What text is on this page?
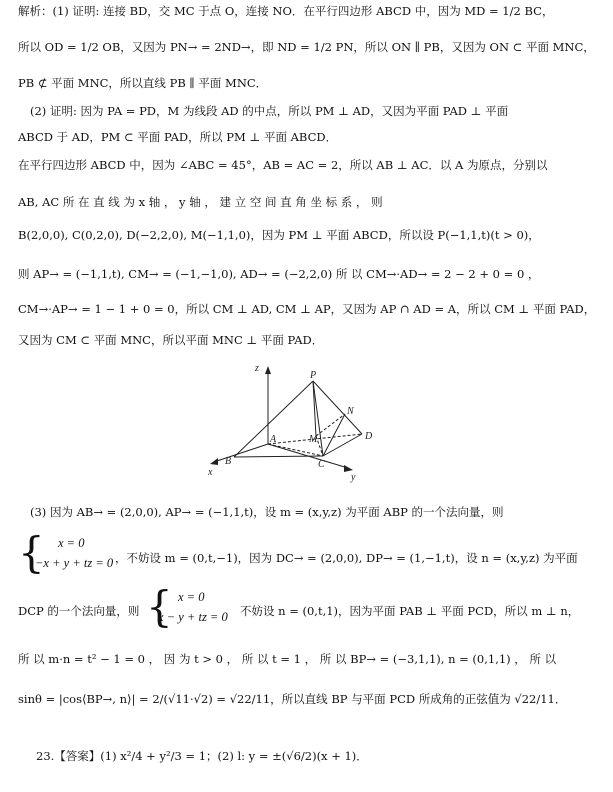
解析：(1) 证明: 连接 BD，交 MC 于点 O，连接 NO．在平行四边形 ABCD 中，因为 MD = 1/2 BC，
所以 OD = 1/2 OB，又因为 PN→ = 2ND→，即 ND = 1/2 PN，所以 ON ∥ PB，又因为 ON ⊂ 平面 MNC，
PB ⊄ 平面 MNC，所以直线 PB ∥ 平面 MNC．
(2) 证明: 因为 PA = PD，M 为线段 AD 的中点，所以 PM ⊥ AD，又因为平面 PAD ⊥ 平面
ABCD 于 AD，PM ⊂ 平面 PAD，所以 PM ⊥ 平面 ABCD．
在平行四边形 ABCD 中，因为 ∠ABC = 45°，AB = AC = 2，所以 AB ⊥ AC．以 A 为原点，分别以
AB, AC 所 在 直 线 为 x 轴 ， y 轴 ， 建 立 空 间 直 角 坐 标 系 ， 则
B(2,0,0), C(0,2,0), D(−2,2,0), M(−1,1,0)，因为 PM ⊥ 平面 ABCD，所以设 P(−1,1,t)(t > 0)，
则 AP→ = (−1,1,t), CM→ = (−1,−1,0), AD→ = (−2,2,0) 所 以 CM→·AD→ = 2 − 2 + 0 = 0 ，
CM→·AP→ = 1 − 1 + 0 = 0，所以 CM ⊥ AD, CM ⊥ AP，又因为 AP ∩ AD = A，所以 CM ⊥ 平面 PAD，
又因为 CM ⊂ 平面 MNC，所以平面 MNC ⊥ 平面 PAD．
z
P
N
A	M
B	C
D
x	y
(3) 因为 AB→ = (2,0,0), AP→ = (−1,1,t)，设 m = (x,y,z) 为平面 ABP 的一个法向量，则
{ x = 0
−x + y + tz = 0 ，不妨设 m = (0,t,−1)，因为 DC→ = (2,0,0), DP→ = (1,−1,t)，设 n = (x,y,z) 为平面
DCP 的一个法向量，则 { x = 0
x − y + tz = 0 不妨设 n = (0,t,1)，因为平面 PAB ⊥ 平面 PCD，所以 m ⊥ n，
所 以 m·n = t² − 1 = 0 ， 因 为 t > 0 ， 所 以 t = 1 ， 所 以 BP→ = (−3,1,1), n = (0,1,1) ， 所 以
sinθ = |cos⟨BP→, n⟩| = 2/(√11·√2) = √22/11，所以直线 BP 与平面 PCD 所成角的正弦值为 √22/11．
23.【答案】(1) x²/4 + y²/3 = 1；(2) l: y = ±(√6/2)(x + 1)．
